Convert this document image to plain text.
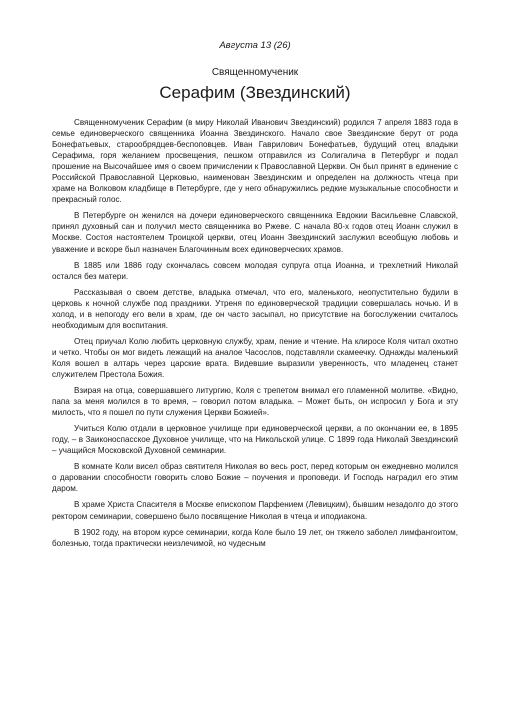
Августа 13 (26)
Священномученик
Серафим (Звездинский)

Священномученик Серафим (в миру Николай Иванович Звездинский) родился 7 апреля 1883 года в семье единоверческого священника Иоанна Звездинского. Начало свое Звездинские берут от рода Бонефатьевых, старообрядцев-беспоповцев. Иван Гаврилович Бонефатьев, будущий отец владыки Серафима, горя желанием просвещения, пешком отправился из Солигалича в Петербург и подал прошение на Высочайшее имя о своем причислении к Православной Церкви. Он был принят в единение с Российской Православной Церковью, наименован Звездинским и определен на должность чтеца при храме на Волковом кладбище в Петербурге, где у него обнаружились редкие музыкальные способности и прекрасный голос.

В Петербурге он женился на дочери единоверческого священника Евдокии Васильевне Славской, принял духовный сан и получил место священника во Ржеве. С начала 80-х годов отец Иоанн служил в Москве. Состоя настоятелем Троицкой церкви, отец Иоанн Звездинский заслужил всеобщую любовь и уважение и вскоре был назначен Благочинным всех единоверческих храмов.

В 1885 или 1886 году скончалась совсем молодая супруга отца Иоанна, и трехлетний Николай остался без матери.

Рассказывая о своем детстве, владыка отмечал, что его, маленького, неопустительно будили в церковь к ночной службе под праздники. Утреня по единоверческой традиции совершалась ночью. И в холод, и в непогоду его вели в храм, где он часто засыпал, но присутствие на богослужении считалось необходимым для воспитания.

Отец приучал Колю любить церковную службу, храм, пение и чтение. На клиросе Коля читал охотно и четко. Чтобы он мог видеть лежащий на аналое Часослов, подставляли скамеечку. Однажды маленький Коля вошел в алтарь через царские врата. Видевшие выразили уверенность, что младенец станет служителем Престола Божия.

Взирая на отца, совершавшего литургию, Коля с трепетом внимал его пламенной молитве. «Видно, папа за меня молился в то время, – говорил потом владыка. – Может быть, он испросил у Бога и эту милость, что я пошел по пути служения Церкви Божией».

Учиться Колю отдали в церковное училище при единоверческой церкви, а по окончании ее, в 1895 году, – в Заиконоспасское Духовное училище, что на Никольской улице. С 1899 года Николай Звездинский – учащийся Московской Духовной семинарии.

В комнате Коли висел образ святителя Николая во весь рост, перед которым он ежедневно молился о даровании способности говорить слово Божие – поучения и проповеди. И Господь наградил его этим даром.

В храме Христа Спасителя в Москве епископом Парфением (Левицким), бывшим незадолго до этого ректором семинарии, совершено было посвящение Николая в чтеца и иподиакона.

В 1902 году, на втором курсе семинарии, когда Коле было 19 лет, он тяжело заболел лимфангоитом, болезнью, тогда практически неизлечимой, но чудесным
